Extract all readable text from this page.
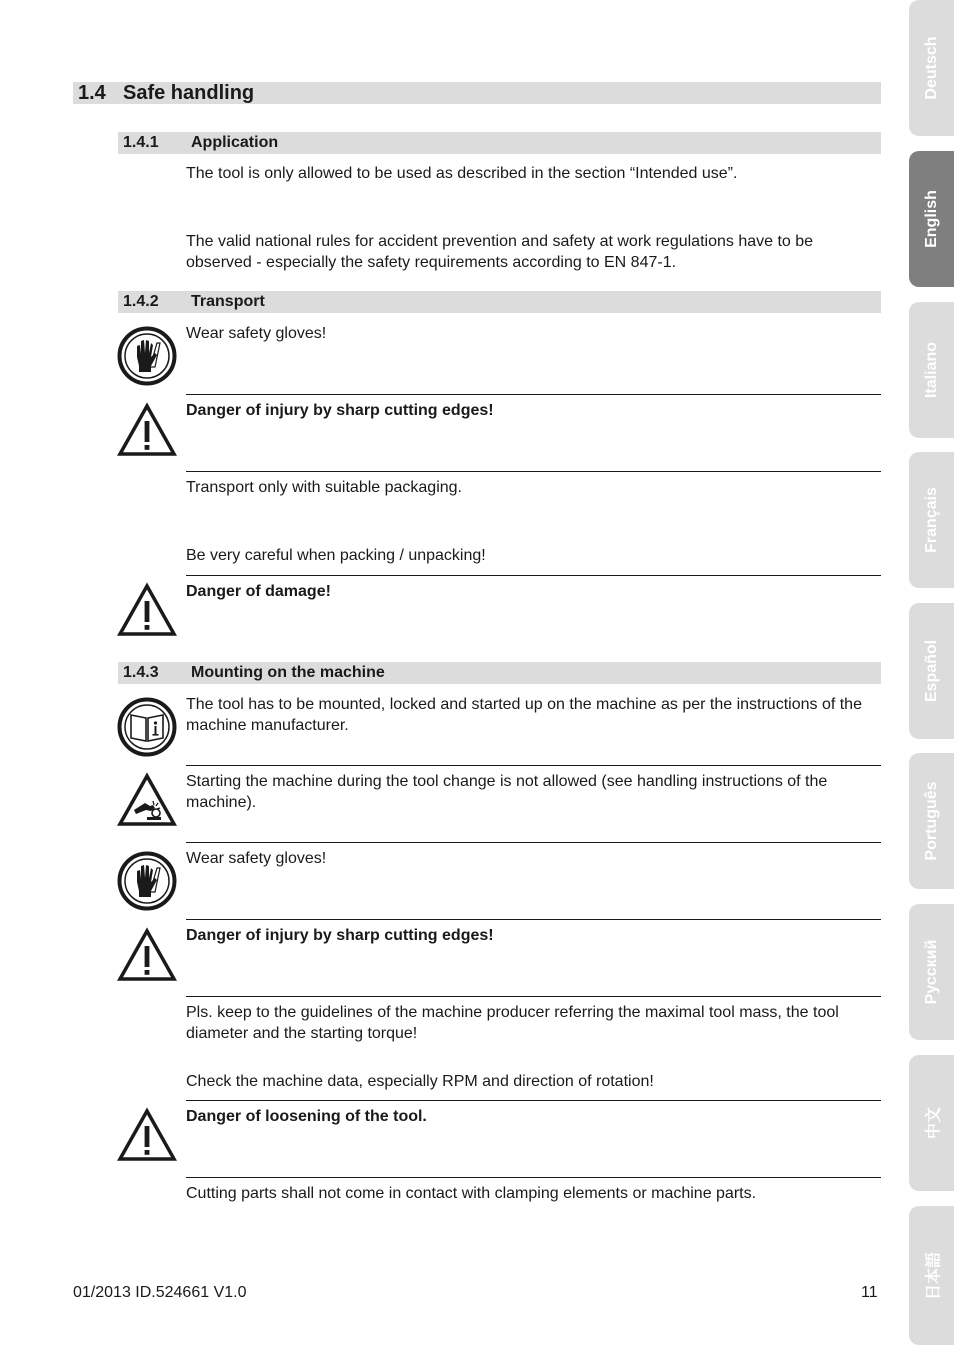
1.4 Safe handling
1.4.1 Application
The tool is only allowed to be used as described in the section “Intended use”.
The valid national rules for accident prevention and safety at work regulations have to be observed - especially the safety requirements according to EN 847-1.
1.4.2 Transport
Wear safety gloves!
Danger of injury by sharp cutting edges!
Transport only with suitable packaging.
Be very careful when packing / unpacking!
Danger of damage!
1.4.3 Mounting on the machine
The tool has to be mounted, locked and started up on the machine as per the instructions of the machine manufacturer.
Starting the machine during the tool change is not allowed (see handling instructions of the machine).
Wear safety gloves!
Danger of injury by sharp cutting edges!
Pls. keep to the guidelines of the machine producer referring the maximal tool mass, the tool diameter and the starting torque!
Check the machine data, especially RPM and direction of rotation!
Danger of loosening of the tool.
Cutting parts shall not come in contact with clamping elements or machine parts.
Deutsch
English
Italiano
Français
Español
Português
Русский
中文
日本語
01/2013 ID.524661 V1.0	11
